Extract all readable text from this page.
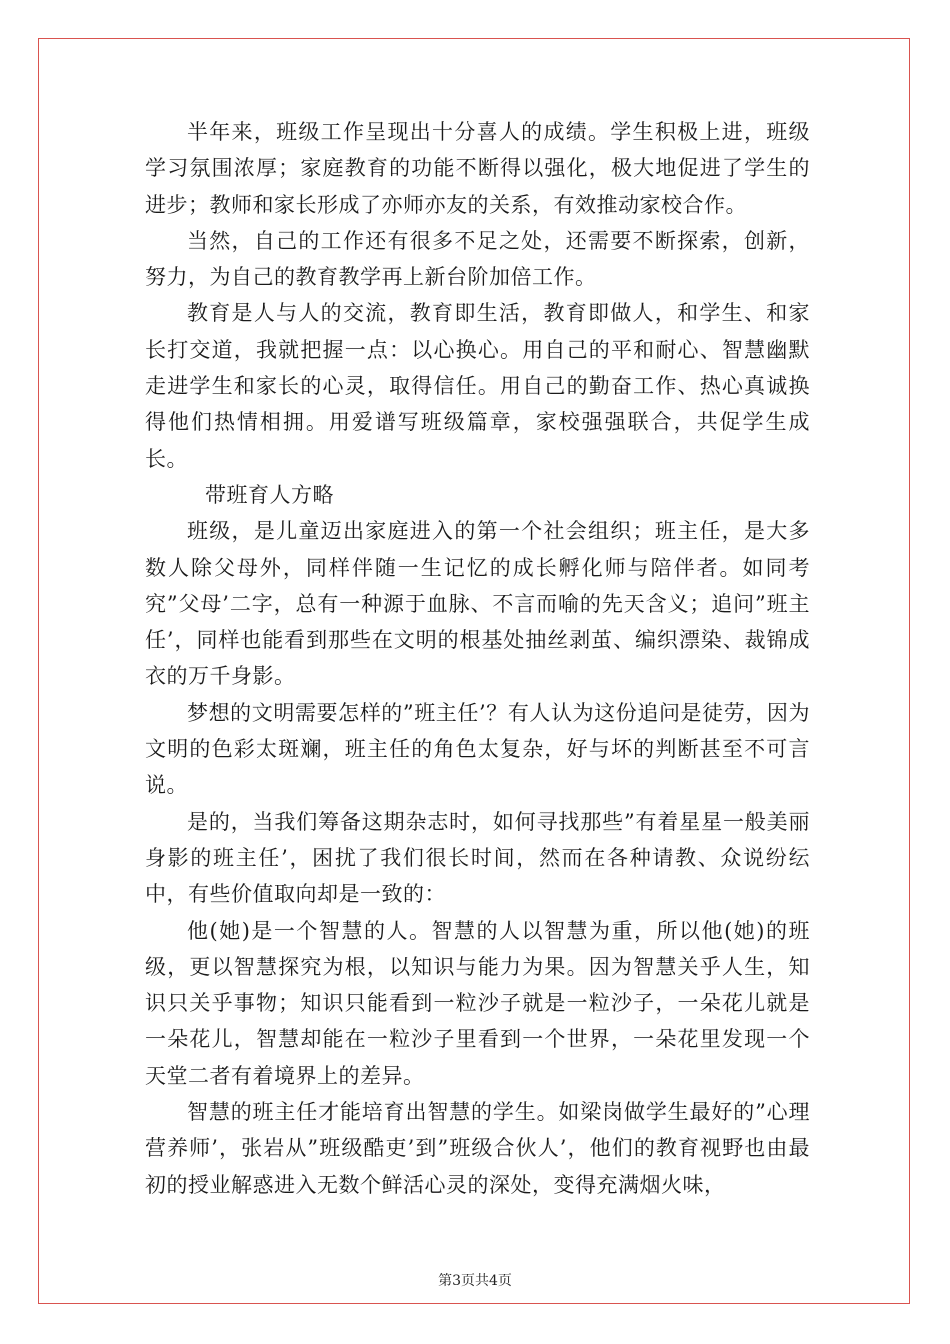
半年来，班级工作呈现出十分喜人的成绩。学生积极上进，班级学习氛围浓厚；家庭教育的功能不断得以强化，极大地促进了学生的进步；教师和家长形成了亦师亦友的关系，有效推动家校合作。

当然，自己的工作还有很多不足之处，还需要不断探索，创新，努力，为自己的教育教学再上新台阶加倍工作。

教育是人与人的交流，教育即生活，教育即做人，和学生、和家长打交道，我就把握一点：以心换心。用自己的平和耐心、智慧幽默走进学生和家长的心灵，取得信任。用自己的勤奋工作、热心真诚换得他们热情相拥。用爱谱写班级篇章，家校强强联合，共促学生成长。

带班育人方略

班级，是儿童迈出家庭进入的第一个社会组织；班主任，是大多数人除父母外，同样伴随一生记忆的成长孵化师与陪伴者。如同考究”父母’二字，总有一种源于血脉、不言而喻的先天含义；追问”班主任’，同样也能看到那些在文明的根基处抽丝剥茧、编织漂染、裁锦成衣的万千身影。

梦想的文明需要怎样的”班主任’？有人认为这份追问是徒劳，因为文明的色彩太斑斓，班主任的角色太复杂，好与坏的判断甚至不可言说。

是的，当我们筹备这期杂志时，如何寻找那些”有着星星一般美丽身影的班主任’，困扰了我们很长时间，然而在各种请教、众说纷纭中，有些价值取向却是一致的：

他(她)是一个智慧的人。智慧的人以智慧为重，所以他(她)的班级，更以智慧探究为根，以知识与能力为果。因为智慧关乎人生，知识只关乎事物；知识只能看到一粒沙子就是一粒沙子，一朵花儿就是一朵花儿，智慧却能在一粒沙子里看到一个世界，一朵花里发现一个天堂二者有着境界上的差异。

智慧的班主任才能培育出智慧的学生。如梁岗做学生最好的”心理营养师’，张岩从”班级酷吏’到”班级合伙人’，他们的教育视野也由最初的授业解惑进入无数个鲜活心灵的深处，变得充满烟火味，

第3页共4页
